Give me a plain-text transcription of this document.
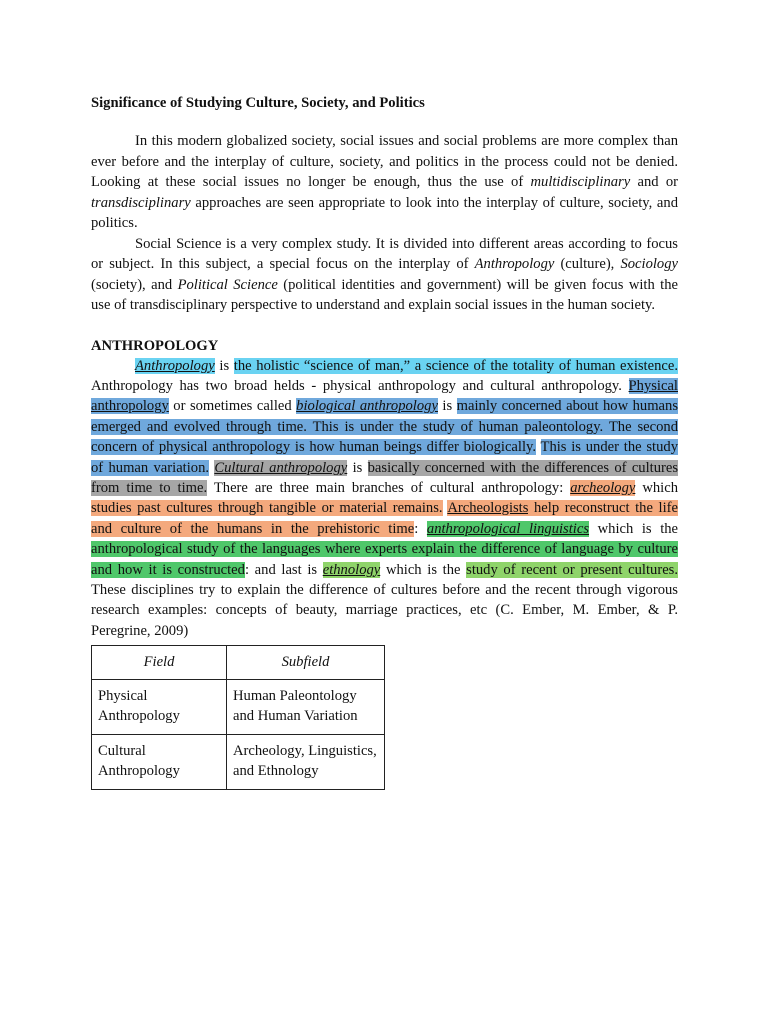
Significance of Studying Culture, Society, and Politics

In this modern globalized society, social issues and social problems are more complex than ever before and the interplay of culture, society, and politics in the process could not be denied. Looking at these social issues no longer be enough, thus the use of multidisciplinary and or transdisciplinary approaches are seen appropriate to look into the interplay of culture, society, and politics.

Social Science is a very complex study. It is divided into different areas according to focus or subject. In this subject, a special focus on the interplay of Anthropology (culture), Sociology (society), and Political Science (political identities and government) will be given focus with the use of transdisciplinary perspective to understand and explain social issues in the human society.

ANTHROPOLOGY

Anthropology is the holistic “science of man,” a science of the totality of human existence. Anthropology has two broad helds - physical anthropology and cultural anthropology. Physical anthropology or sometimes called biological anthropology is mainly concerned about how humans emerged and evolved through time. This is under the study of human paleontology. The second concern of physical anthropology is how human beings differ biologically. This is under the study of human variation. Cultural anthropology is basically concerned with the differences of cultures from time to time. There are three main branches of cultural anthropology: archeology which studies past cultures through tangible or material remains. Archeologists help reconstruct the life and culture of the humans in the prehistoric time: anthropological linguistics which is the anthropological study of the languages where experts explain the difference of language by culture and how it is constructed: and last is ethnology which is the study of recent or present cultures. These disciplines try to explain the difference of cultures before and the recent through vigorous research examples: concepts of beauty, marriage practices, etc (C. Ember, M. Ember, & P. Peregrine, 2009)

Field	Subfield
Physical Anthropology	Human Paleontology and Human Variation
Cultural Anthropology	Archeology, Linguistics, and Ethnology
